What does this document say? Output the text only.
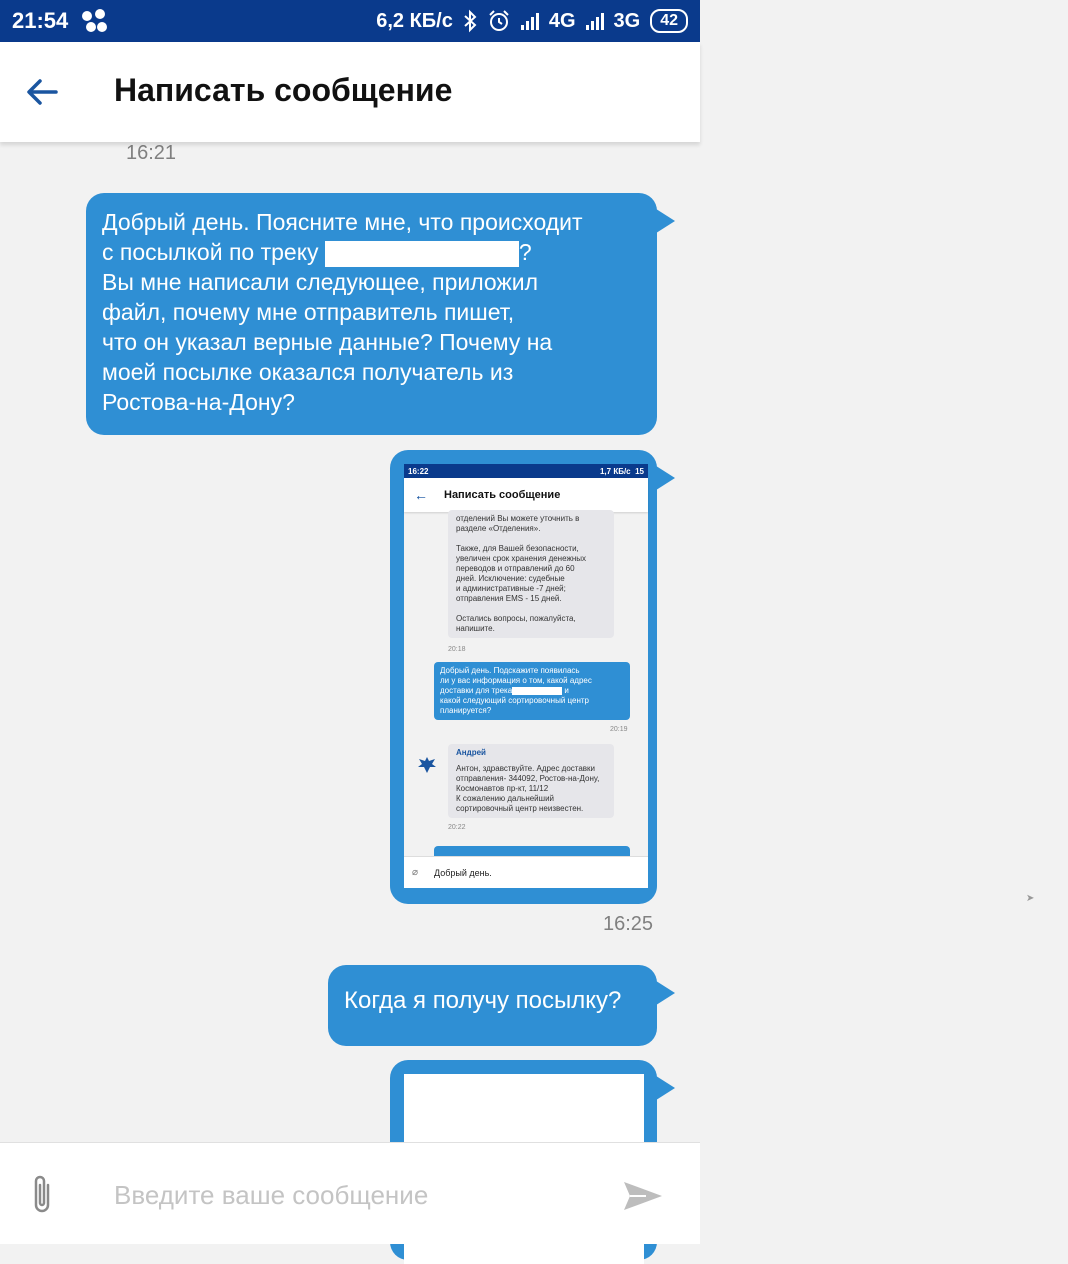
21:54	6,2 КБ/с	4G 3G	42
Написать сообщение
16:21
Добрый день. Поясните мне, что происходит
с посылкой по треку	?
Вы мне написали следующее, приложил
файл, почему мне отправитель пишет,
что он указал верные данные? Почему на
моей посылке оказался получатель из
Ростова-на-Дону?
16:22	1,7 КБ/с 15
← Написать сообщение
отделений Вы можете уточнить в
разделе «Отделения».
Также, для Вашей безопасности,
увеличен срок хранения денежных
переводов и отправлений до 60
дней. Исключение: судебные
и административные -7 дней;
отправления EMS - 15 дней.
Остались вопросы, пожалуйста,
напишите.
20:18
Добрый день. Подскажите появилась
ли у вас информация о том, какой адрес
доставки для трека	и
какой следующий сортировочный центр
планируется?
20:19
Андрей
Антон, здравствуйте. Адрес доставки
отправления- 344092, Ростов-на-Дону,
Космонавтов пр-кт, 11/12
К сожалению дальнейший
сортировочный центр неизвестен.
20:22
⌀ Добрый день.
➤
16:25
Когда я получу посылку?
Введите ваше сообщение
